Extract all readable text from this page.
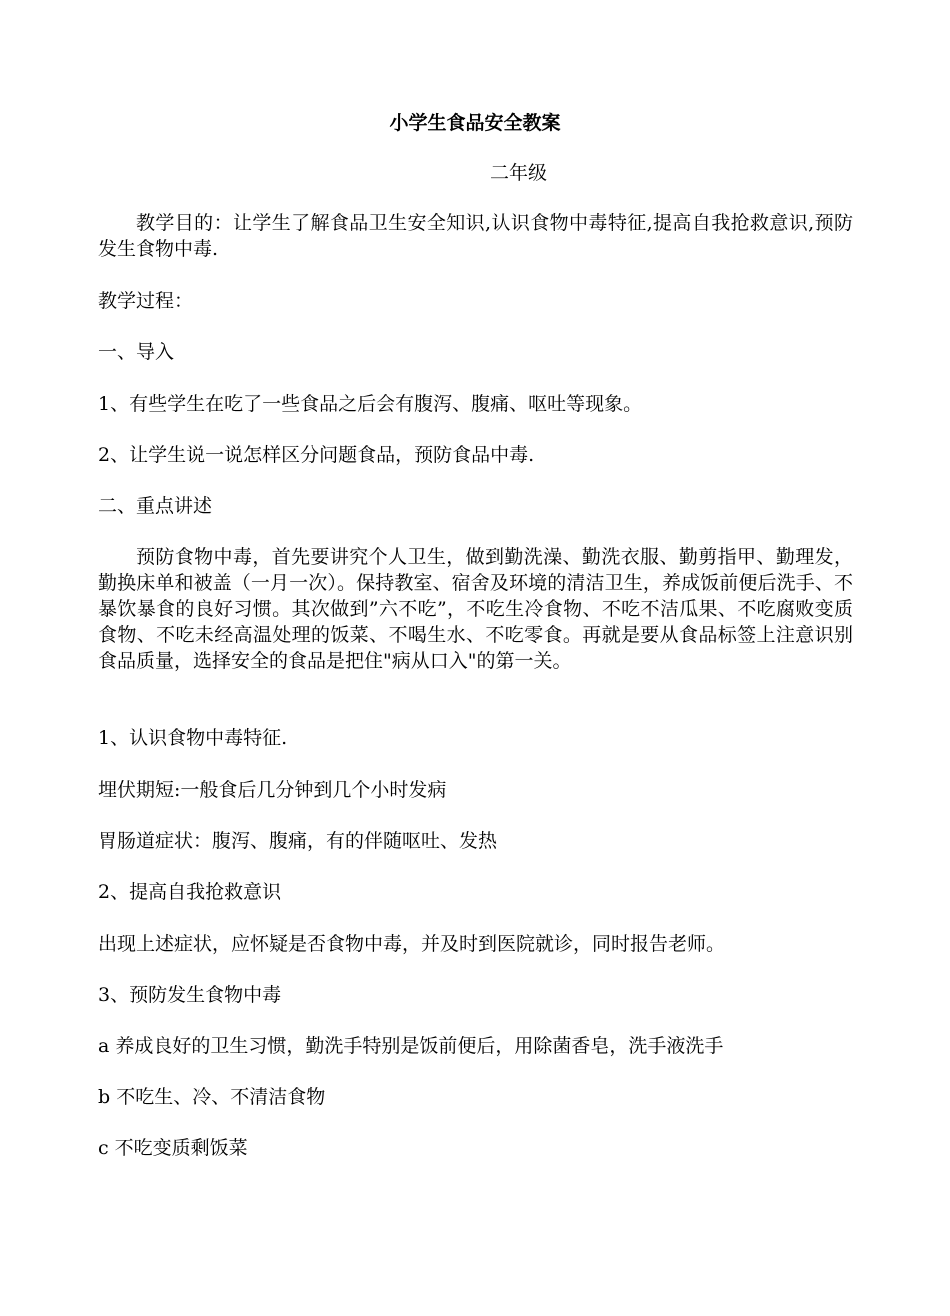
小学生食品安全教案
二年级

教学目的：让学生了解食品卫生安全知识,认识食物中毒特征,提高自我抢救意识,预防发生食物中毒.

教学过程：

一、导入

1、有些学生在吃了一些食品之后会有腹泻、腹痛、呕吐等现象。

2、让学生说一说怎样区分问题食品，预防食品中毒.

二、重点讲述

预防食物中毒，首先要讲究个人卫生，做到勤洗澡、勤洗衣服、勤剪指甲、勤理发，勤换床单和被盖（一月一次）。保持教室、宿舍及环境的清洁卫生，养成饭前便后洗手、不暴饮暴食的良好习惯。其次做到”六不吃”，不吃生冷食物、不吃不洁瓜果、不吃腐败变质食物、不吃未经高温处理的饭菜、不喝生水、不吃零食。再就是要从食品标签上注意识别食品质量，选择安全的食品是把住"病从口入"的第一关。

1、认识食物中毒特征.

埋伏期短:一般食后几分钟到几个小时发病

胃肠道症状：腹泻、腹痛，有的伴随呕吐、发热

2、提高自我抢救意识

出现上述症状，应怀疑是否食物中毒，并及时到医院就诊，同时报告老师。

3、预防发生食物中毒

a 养成良好的卫生习惯，勤洗手特别是饭前便后，用除菌香皂，洗手液洗手

b 不吃生、冷、不清洁食物

c 不吃变质剩饭菜
